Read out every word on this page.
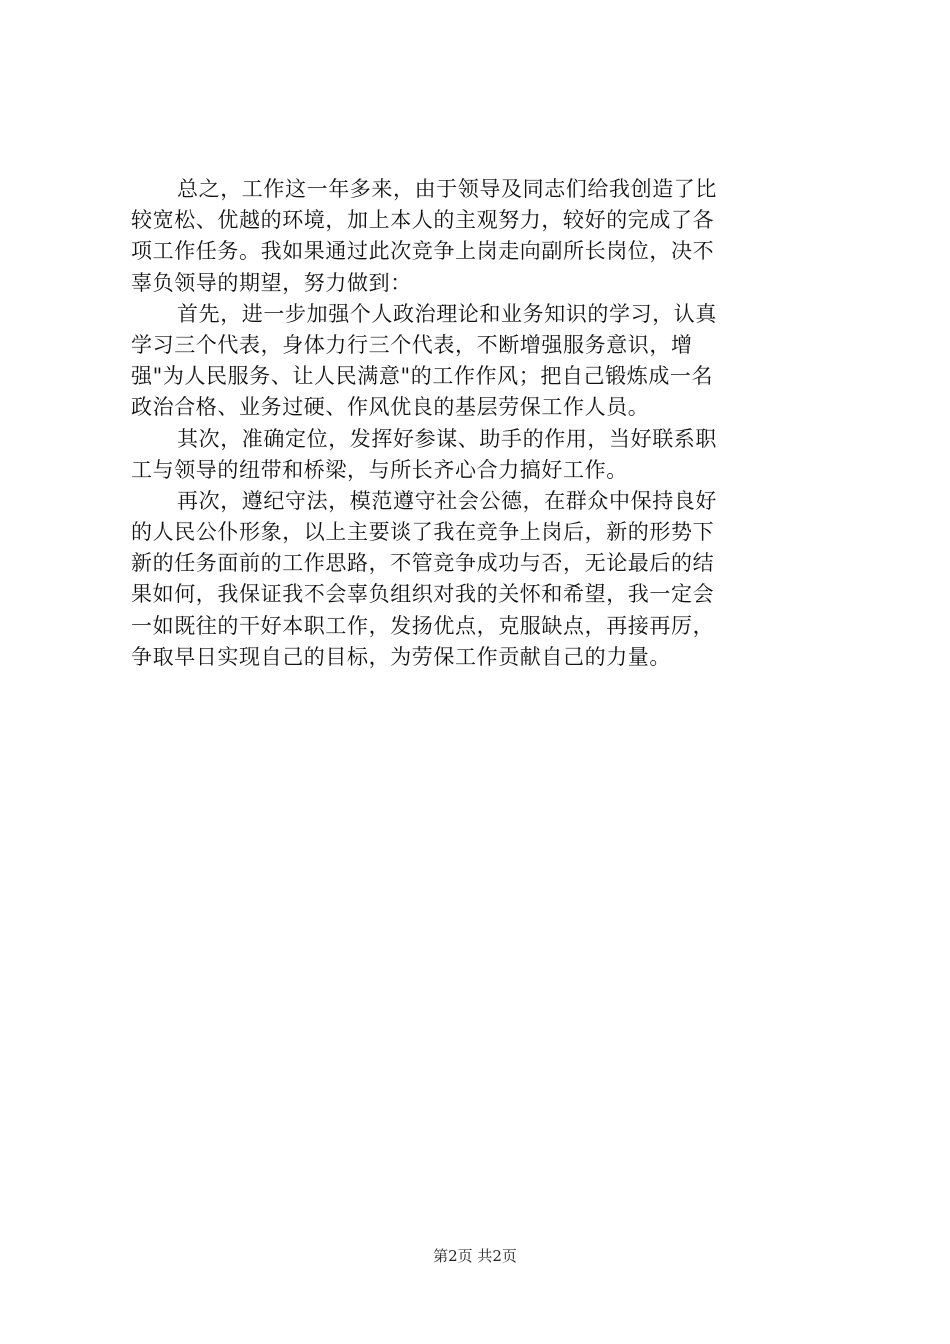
总之，工作这一年多来，由于领导及同志们给我创造了比
较宽松、优越的环境，加上本人的主观努力，较好的完成了各
项工作任务。我如果通过此次竞争上岗走向副所长岗位，决不
辜负领导的期望，努力做到：
首先，进一步加强个人政治理论和业务知识的学习，认真
学习三个代表，身体力行三个代表，不断增强服务意识，增
强"为人民服务、让人民满意"的工作作风；把自己锻炼成一名
政治合格、业务过硬、作风优良的基层劳保工作人员。
其次，准确定位，发挥好参谋、助手的作用，当好联系职
工与领导的纽带和桥梁，与所长齐心合力搞好工作。
再次，遵纪守法，模范遵守社会公德，在群众中保持良好
的人民公仆形象，以上主要谈了我在竞争上岗后，新的形势下
新的任务面前的工作思路，不管竞争成功与否，无论最后的结
果如何，我保证我不会辜负组织对我的关怀和希望，我一定会
一如既往的干好本职工作，发扬优点，克服缺点，再接再厉，
争取早日实现自己的目标，为劳保工作贡献自己的力量。
第2页 共2页
